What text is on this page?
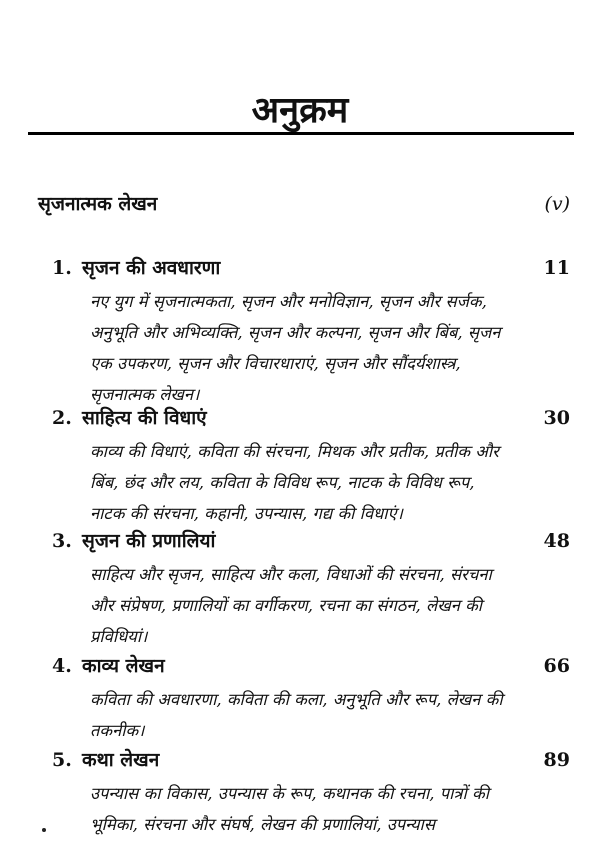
अनुक्रम
सृजनात्मक लेखन	(v)
1. सृजन की अवधारणा	11
नए युग में सृजनात्मकता, सृजन और मनोविज्ञान, सृजन और सर्जक, अनुभूति और अभिव्यक्ति, सृजन और कल्पना, सृजन और बिंब, सृजन एक उपकरण, सृजन और विचारधाराएं, सृजन और सौंदर्यशास्त्र, सृजनात्मक लेखन।
2. साहित्य की विधाएं	30
काव्य की विधाएं, कविता की संरचना, मिथक और प्रतीक, प्रतीक और बिंब, छंद और लय, कविता के विविध रूप, नाटक के विविध रूप, नाटक की संरचना, कहानी, उपन्यास, गद्य की विधाएं।
3. सृजन की प्रणालियां	48
साहित्य और सृजन, साहित्य और कला, विधाओं की संरचना, संरचना और संप्रेषण, प्रणालियों का वर्गीकरण, रचना का संगठन, लेखन की प्रविधियां।
4. काव्य लेखन	66
कविता की अवधारणा, कविता की कला, अनुभूति और रूप, लेखन की तकनीक।
5. कथा लेखन	89
उपन्यास का विकास, उपन्यास के रूप, कथानक की रचना, पात्रों की भूमिका, संरचना और संघर्ष, लेखन की प्रणालियां, उपन्यास
